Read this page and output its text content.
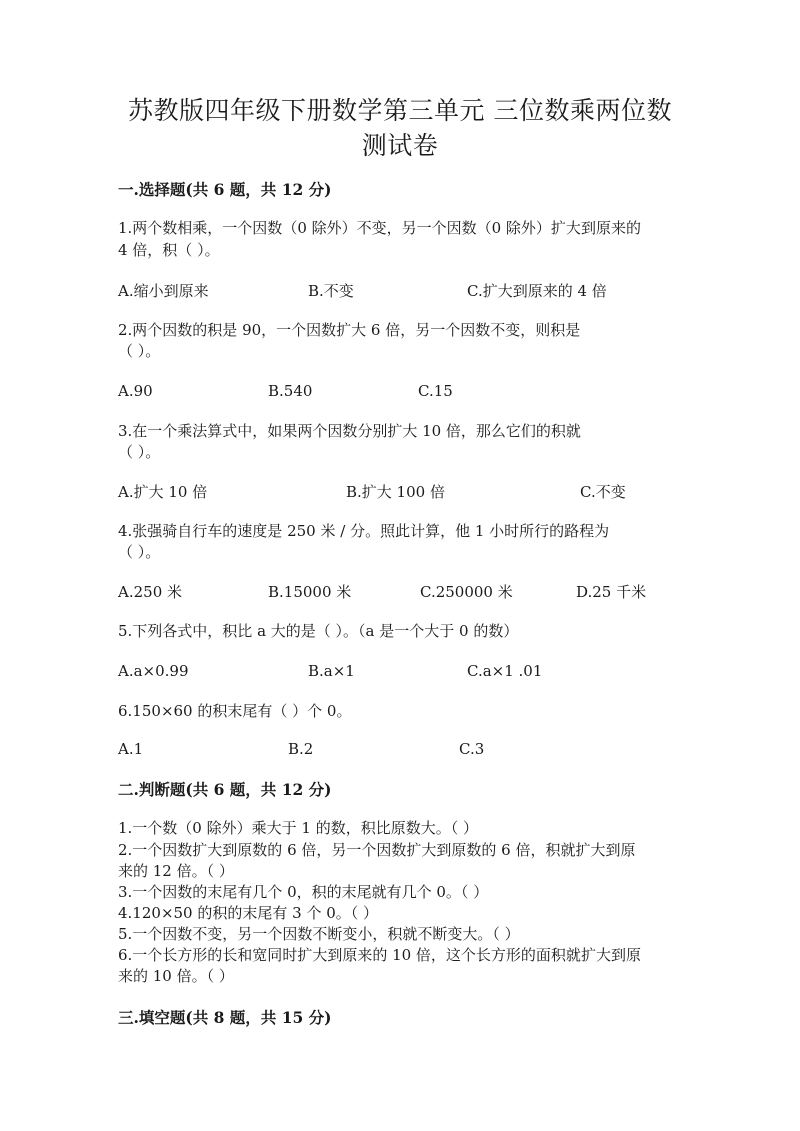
苏教版四年级下册数学第三单元 三位数乘两位数
测试卷
一.选择题(共 6 题，共 12 分)
1.两个数相乘，一个因数（0 除外）不变，另一个因数（0 除外）扩大到原来的
4 倍，积（ ）。
A.缩小到原来	B.不变	C.扩大到原来的 4 倍
2.两个因数的积是 90，一个因数扩大 6 倍，另一个因数不变，则积是
（ ）。
A.90	B.540	C.15
3.在一个乘法算式中，如果两个因数分别扩大 10 倍，那么它们的积就
（ ）。
A.扩大 10 倍	B.扩大 100 倍	C.不变
4.张强骑自行车的速度是 250 米 / 分。照此计算，他 1 小时所行的路程为
（ ）。
A.250 米	B.15000 米	C.250000 米	D.25 千米
5.下列各式中，积比 a 大的是（ ）。（a 是一个大于 0 的数）
A.a×0.99	B.a×1	C.a×1 .01
6.150×60 的积末尾有（ ）个 0。
A.1	B.2	C.3
二.判断题(共 6 题，共 12 分)
1.一个数（0 除外）乘大于 1 的数，积比原数大。（ ）
2.一个因数扩大到原数的 6 倍，另一个因数扩大到原数的 6 倍，积就扩大到原
来的 12 倍。（ ）
3.一个因数的末尾有几个 0，积的末尾就有几个 0。（ ）
4.120×50 的积的末尾有 3 个 0。（ ）
5.一个因数不变，另一个因数不断变小，积就不断变大。（ ）
6.一个长方形的长和宽同时扩大到原来的 10 倍，这个长方形的面积就扩大到原
来的 10 倍。（ ）
三.填空题(共 8 题，共 15 分)
